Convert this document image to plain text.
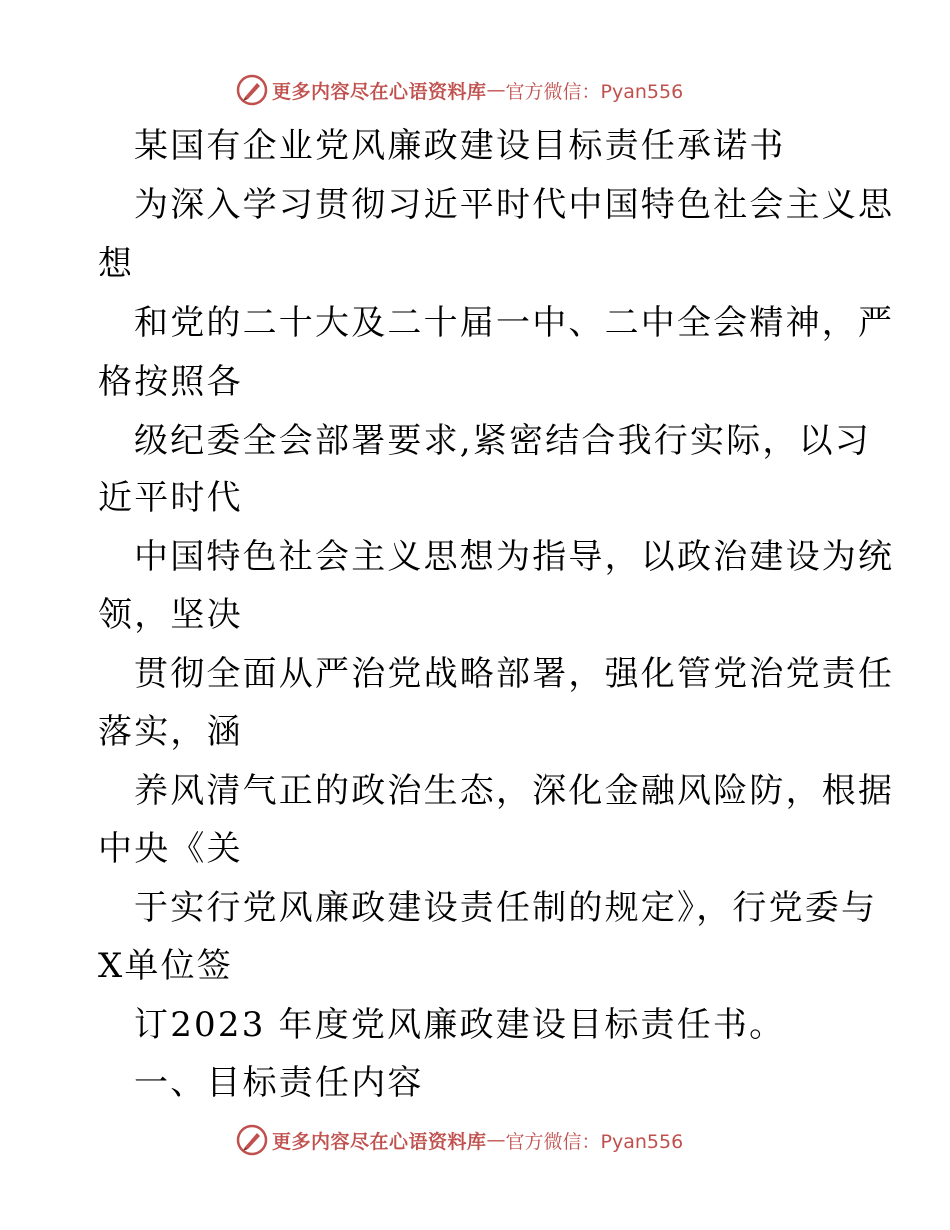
更多内容尽在心语资料库 — 官方微信：Pyan556
某国有企业党风廉政建设目标责任承诺书
为深入学习贯彻习近平时代中国特色社会主义思
想
和党的二十大及二十届一中、二中全会精神，严
格按照各
级纪委全会部署要求,紧密结合我行实际，以习
近平时代
中国特色社会主义思想为指导，以政治建设为统
领，坚决
贯彻全面从严治党战略部署，强化管党治党责任
落实，涵
养风清气正的政治生态，深化金融风险防，根据
中央《关
于实行党风廉政建设责任制的规定》，行党委与
X单位签
订2023 年度党风廉政建设目标责任书。
一、目标责任内容
更多内容尽在心语资料库 — 官方微信：Pyan556
